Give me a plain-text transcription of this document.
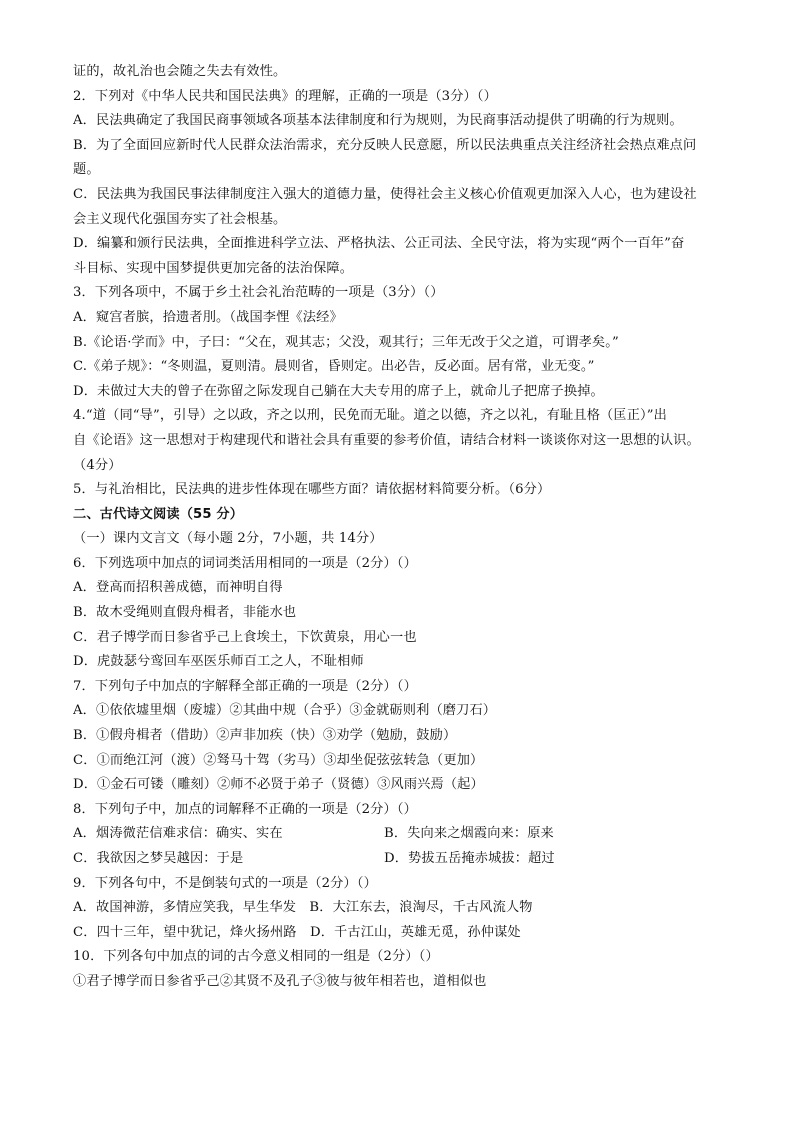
证的，故礼治也会随之失去有效性。
2．下列对《中华人民共和国民法典》的理解，正确的一项是（3分）（）
A．民法典确定了我国民商事领域各项基本法律制度和行为规则，为民商事活动提供了明确的行为规则。
B．为了全面回应新时代人民群众法治需求，充分反映人民意愿，所以民法典重点关注经济社会热点难点问
题。
C．民法典为我国民事法律制度注入强大的道德力量，使得社会主义核心价值观更加深入人心，也为建设社
会主义现代化强国夯实了社会根基。
D．编纂和颁行民法典，全面推进科学立法、严格执法、公正司法、全民守法，将为实现“两个一百年”奋
斗目标、实现中国梦提供更加完备的法治保障。
3．下列各项中，不属于乡土社会礼治范畴的一项是（3分）（）
A．窥宫者膑，拾遗者刖。（战国李悝《法经》
B.《论语·学而》中，子曰：“父在，观其志；父没，观其行；三年无改于父之道，可谓孝矣。”
C.《弟子规》：“冬则温，夏则清。晨则省，昏则定。出必告，反必面。居有常，业无变。”
D．未做过大夫的曾子在弥留之际发现自己躺在大夫专用的席子上，就命儿子把席子换掉。
4.“道（同“导”，引导）之以政，齐之以刑，民免而无耻。道之以德，齐之以礼，有耻且格（匡正）”出
自《论语》这一思想对于构建现代和谐社会具有重要的参考价值，请结合材料一谈谈你对这一思想的认识。
（4分）
5．与礼治相比，民法典的进步性体现在哪些方面？请依据材料简要分析。（6分）
二、古代诗文阅读（55 分）
（一）课内文言文（每小题 2分，7小题，共 14分）
6．下列选项中加点的词词类活用相同的一项是（2分）（）
A．登高而招积善成德，而神明自得
B．故木受绳则直假舟楫者，非能水也
C．君子博学而日参省乎己上食埃土，下饮黄泉，用心一也
D．虎鼓瑟兮鸾回车巫医乐师百工之人，不耻相师
7．下列句子中加点的字解释全部正确的一项是（2分）（）
A．①依依墟里烟（废墟）②其曲中规（合乎）③金就砺则利（磨刀石）
B．①假舟楫者（借助）②声非加疾（快）③劝学（勉励，鼓励）
C．①而绝江河（渡）②驽马十驾（劣马）③却坐促弦弦转急（更加）
D．①金石可镂（雕刻）②师不必贤于弟子（贤德）③风雨兴焉（起）
8．下列句子中，加点的词解释不正确的一项是（2分）（）
A．烟涛微茫信难求信：确实、实在	B．失向来之烟霞向来：原来
C．我欲因之梦吴越因：于是	D．势拔五岳掩赤城拔：超过
9．下列各句中，不是倒装句式的一项是（2分）（）
A．故国神游，多情应笑我，早生华发　B．大江东去，浪淘尽，千古风流人物
C．四十三年，望中犹记，烽火扬州路　D．千古江山，英雄无觅，孙仲谋处
10．下列各句中加点的词的古今意义相同的一组是（2分）（）
①君子博学而日参省乎己②其贤不及孔子③彼与彼年相若也，道相似也
